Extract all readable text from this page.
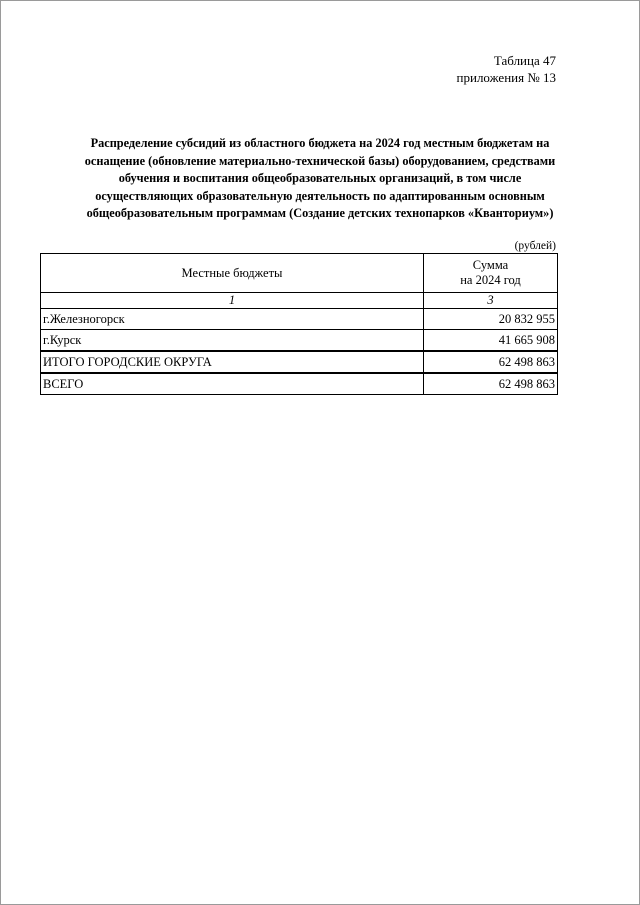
Таблица 47
приложения № 13
Распределение субсидий из областного бюджета на 2024 год местным бюджетам на
оснащение (обновление материально-технической базы) оборудованием, средствами
обучения и воспитания общеобразовательных организаций, в том числе
осуществляющих образовательную деятельность по адаптированным основным
общеобразовательным программам (Создание детских технопарков «Кванториум»)
(рублей)
Местные бюджеты	Сумма
на 2024 год

1	3
г.Железногорск	20 832 955
г.Курск	41 665 908
ИТОГО ГОРОДСКИЕ ОКРУГА	62 498 863
ВСЕГО	62 498 863
